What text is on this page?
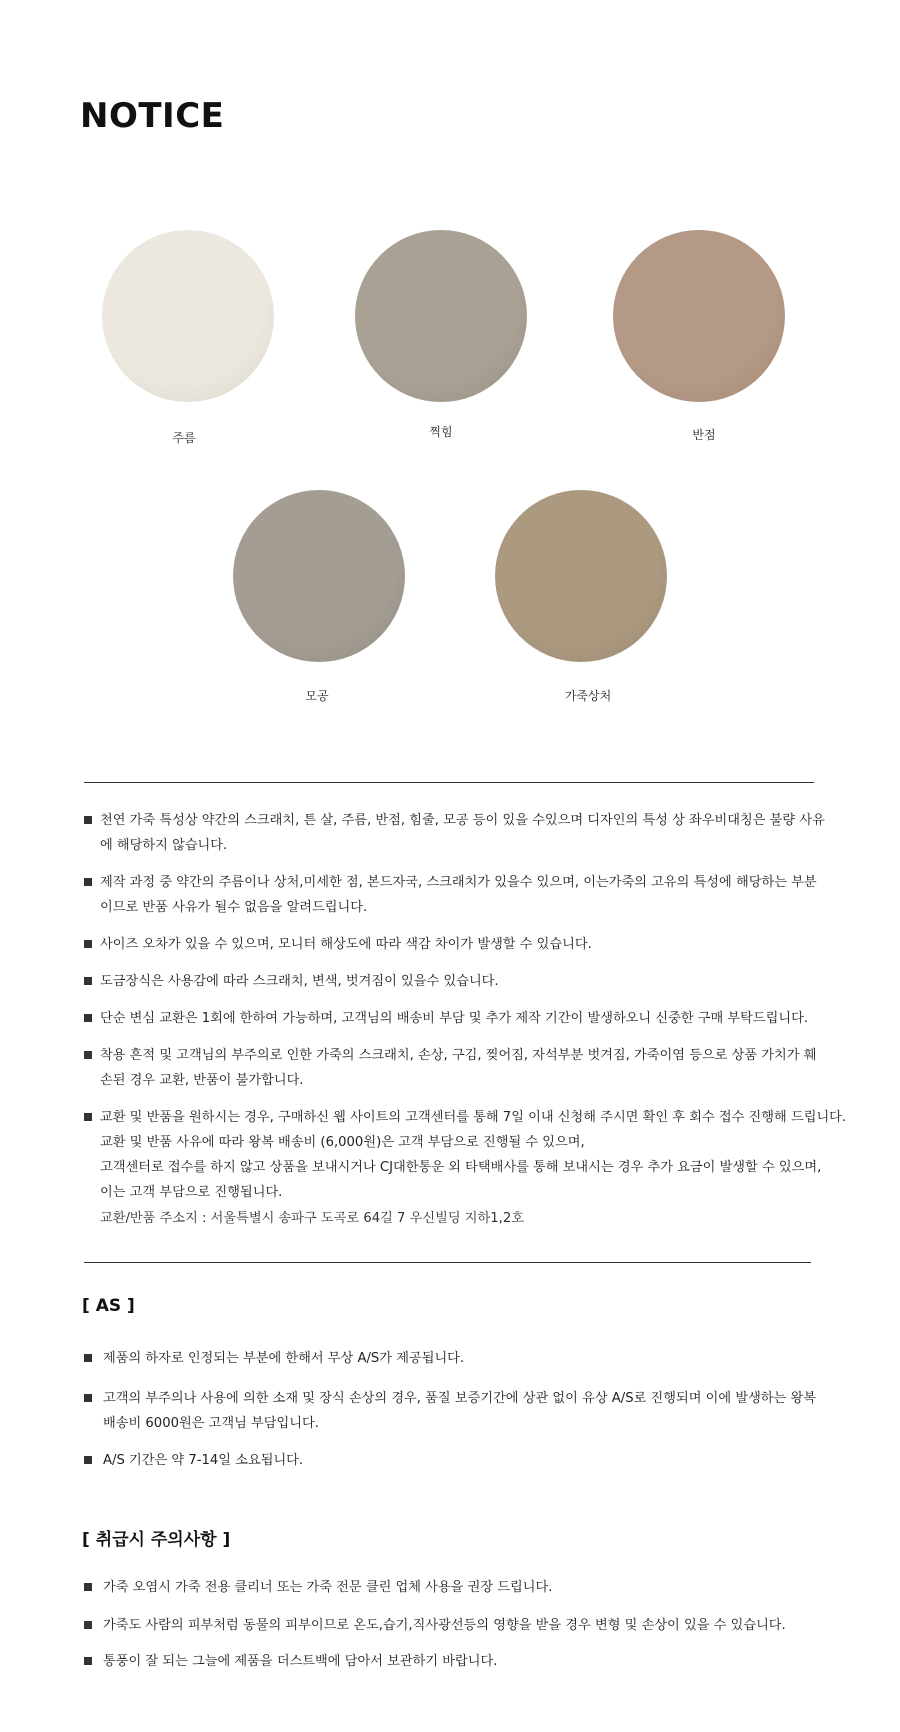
NOTICE
주름	찍힘	반점
모공	가죽상처
천연 가죽 특성상 약간의 스크래치, 튼 살, 주름, 반점, 힘줄, 모공 등이 있을 수있으며 디자인의 특성 상 좌우비대칭은 불량 사유
에 해당하지 않습니다.
제작 과정 중 약간의 주름이나 상처,미세한 점, 본드자국, 스크래치가 있을수 있으며, 이는가죽의 고유의 특성에 해당하는 부분
이므로 반품 사유가 될수 없음을 알려드립니다.
사이즈 오차가 있을 수 있으며, 모니터 해상도에 따라 색감 차이가 발생할 수 있습니다.
도금장식은 사용감에 따라 스크래치, 변색, 벗겨짐이 있을수 있습니다.
단순 변심 교환은 1회에 한하여 가능하며, 고객님의 배송비 부담 및 추가 제작 기간이 발생하오니 신중한 구매 부탁드립니다.
착용 흔적 및 고객님의 부주의로 인한 가죽의 스크래치, 손상, 구김, 찢어짐, 자석부분 벗겨짐, 가죽이염 등으로 상품 가치가 훼
손된 경우 교환, 반품이 불가합니다.
교환 및 반품을 원하시는 경우, 구매하신 웹 사이트의 고객센터를 통해 7일 이내 신청해 주시면 확인 후 회수 접수 진행해 드립니다.
교환 및 반품 사유에 따라 왕복 배송비 (6,000원)은 고객 부담으로 진행될 수 있으며,
고객센터로 접수를 하지 않고 상품을 보내시거나 CJ대한통운 외 타택배사를 통해 보내시는 경우 추가 요금이 발생할 수 있으며,
이는 고객 부담으로 진행됩니다.
교환/반품 주소지 : 서울특별시 송파구 도곡로 64길 7 우신빌딩 지하1,2호
[ AS ]
제품의 하자로 인정되는 부분에 한해서 무상 A/S가 제공됩니다.
고객의 부주의나 사용에 의한 소재 및 장식 손상의 경우, 품질 보증기간에 상관 없이 유상 A/S로 진행되며 이에 발생하는 왕복
배송비 6000원은 고객님 부담입니다.
A/S 기간은 약 7-14일 소요됩니다.
[ 취급시 주의사항 ]
가죽 오염시 가죽 전용 클리너 또는 가죽 전문 클린 업체 사용을 권장 드립니다.
가죽도 사람의 피부처럼 동물의 피부이므로 온도,습기,직사광선등의 영향을 받을 경우 변형 및 손상이 있을 수 있습니다.
통풍이 잘 되는 그늘에 제품을 더스트백에 담아서 보관하기 바랍니다.
